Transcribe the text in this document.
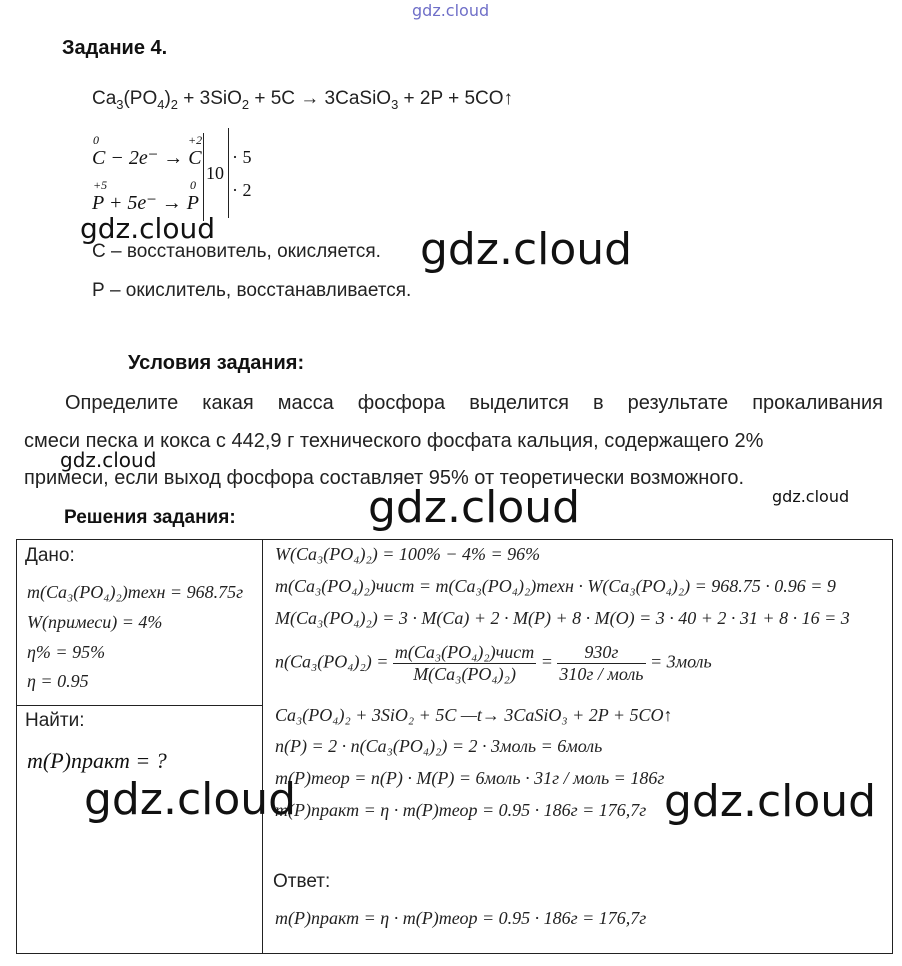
gdz.cloud
Задание 4.
$Ca_3(PO_4)_2 + 3SiO_2 + 5C$ → 3CaSiO$_3$ + 2P + 5CO↑
0	+2
C − 2e⁻ → C
+5	0
P + 5e⁻ → P
10
· 5
· 2
gdz.cloud
С – восстановитель, окисляется. gdz.cloud
Р – окислитель, восстанавливается.
Условия задания:
Определите какая масса фосфора выделится в результате прокаливания
смеси песка и кокса с 442,9 г технического фосфата кальция, содержащего 2%
gdz.cloud
примеси, если выход фосфора составляет 95% от теоретически возможного.
gdz.cloud
Решения задания:	gdz.cloud
Дано:
m(Ca₃(PO₄)₂)техн = 968.75г
W(примеси) = 4%
η% = 95%
η = 0.95
Найти:
m(P)практ = ?
W(Ca₃(PO₄)₂) = 100% − 4% = 96%
m(Ca₃(PO₄)₂)чист = m(Ca₃(PO₄)₂)техн · W(Ca₃(PO₄)₂) = 968.75 · 0.96 = 9
M(Ca₃(PO₄)₂) = 3 · M(Ca) + 2 · M(P) + 8 · M(O) = 3 · 40 + 2 · 31 + 8 · 16 = 3
$n(Ca_3(PO_4)_2) = \frac{\text{m(Ca₃(PO₄)₂)чист}}{\text{M(Ca₃(PO₄)₂)}} = \frac{930г}{\text{310г / моль}}$ = 3моль
Ca₃(PO₄)₂ + 3SiO₂ + 5C —t→ 3CaSiO₃ + 2P + 5CO↑
n(P) = 2 · n(Ca₃(PO₄)₂) = 2 · 3моль = 6моль
m(P)теор = n(P) · M(P) = 6моль · 31г / моль = 186г
m(P)практ = η · m(P)теор = 0.95 · 186г = 176,7г
Ответ:
m(P)практ = η · m(P)теор = 0.95 · 186г = 176,7г
gdz.cloud	gdz.cloud
